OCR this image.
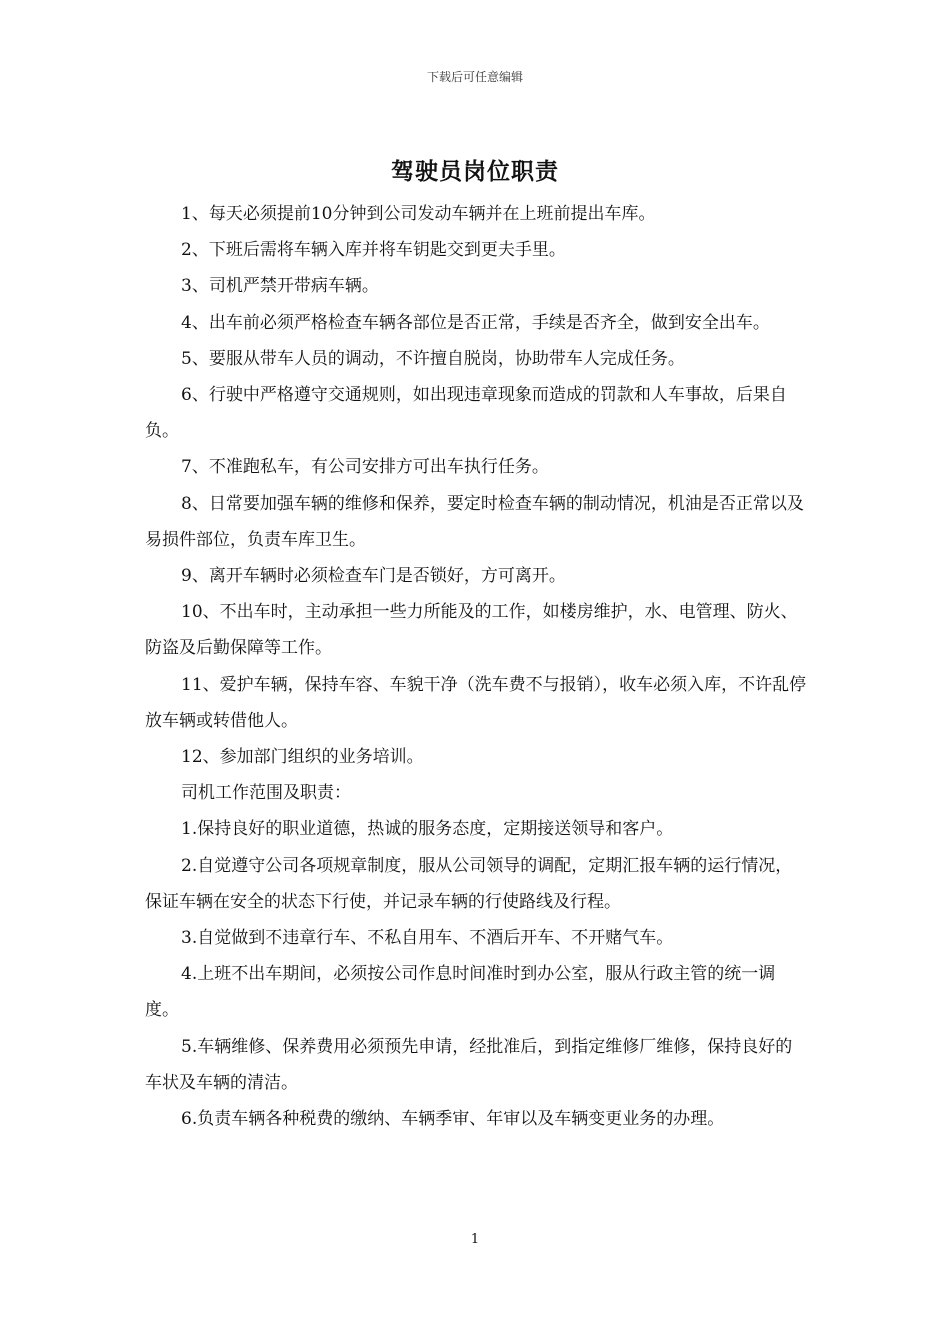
下载后可任意编辑
驾驶员岗位职责

1、每天必须提前10分钟到公司发动车辆并在上班前提出车库。

2、下班后需将车辆入库并将车钥匙交到更夫手里。

3、司机严禁开带病车辆。

4、出车前必须严格检查车辆各部位是否正常，手续是否齐全，做到安全出车。

5、要服从带车人员的调动，不许擅自脱岗，协助带车人完成任务。

6、行驶中严格遵守交通规则，如出现违章现象而造成的罚款和人车事故，后果自负。

7、不准跑私车，有公司安排方可出车执行任务。

8、日常要加强车辆的维修和保养，要定时检查车辆的制动情况，机油是否正常以及易损件部位，负责车库卫生。

9、离开车辆时必须检查车门是否锁好，方可离开。

10、不出车时，主动承担一些力所能及的工作，如楼房维护，水、电管理、防火、防盗及后勤保障等工作。

11、爱护车辆，保持车容、车貌干净（洗车费不与报销），收车必须入库，不许乱停放车辆或转借他人。

12、参加部门组织的业务培训。

司机工作范围及职责：

1.保持良好的职业道德，热诚的服务态度，定期接送领导和客户。

2.自觉遵守公司各项规章制度，服从公司领导的调配，定期汇报车辆的运行情况，保证车辆在安全的状态下行使，并记录车辆的行使路线及行程。

3.自觉做到不违章行车、不私自用车、不酒后开车、不开赌气车。

4.上班不出车期间，必须按公司作息时间准时到办公室，服从行政主管的统一调度。

5.车辆维修、保养费用必须预先申请，经批准后，到指定维修厂维修，保持良好的车状及车辆的清洁。

6.负责车辆各种税费的缴纳、车辆季审、年审以及车辆变更业务的办理。

1
